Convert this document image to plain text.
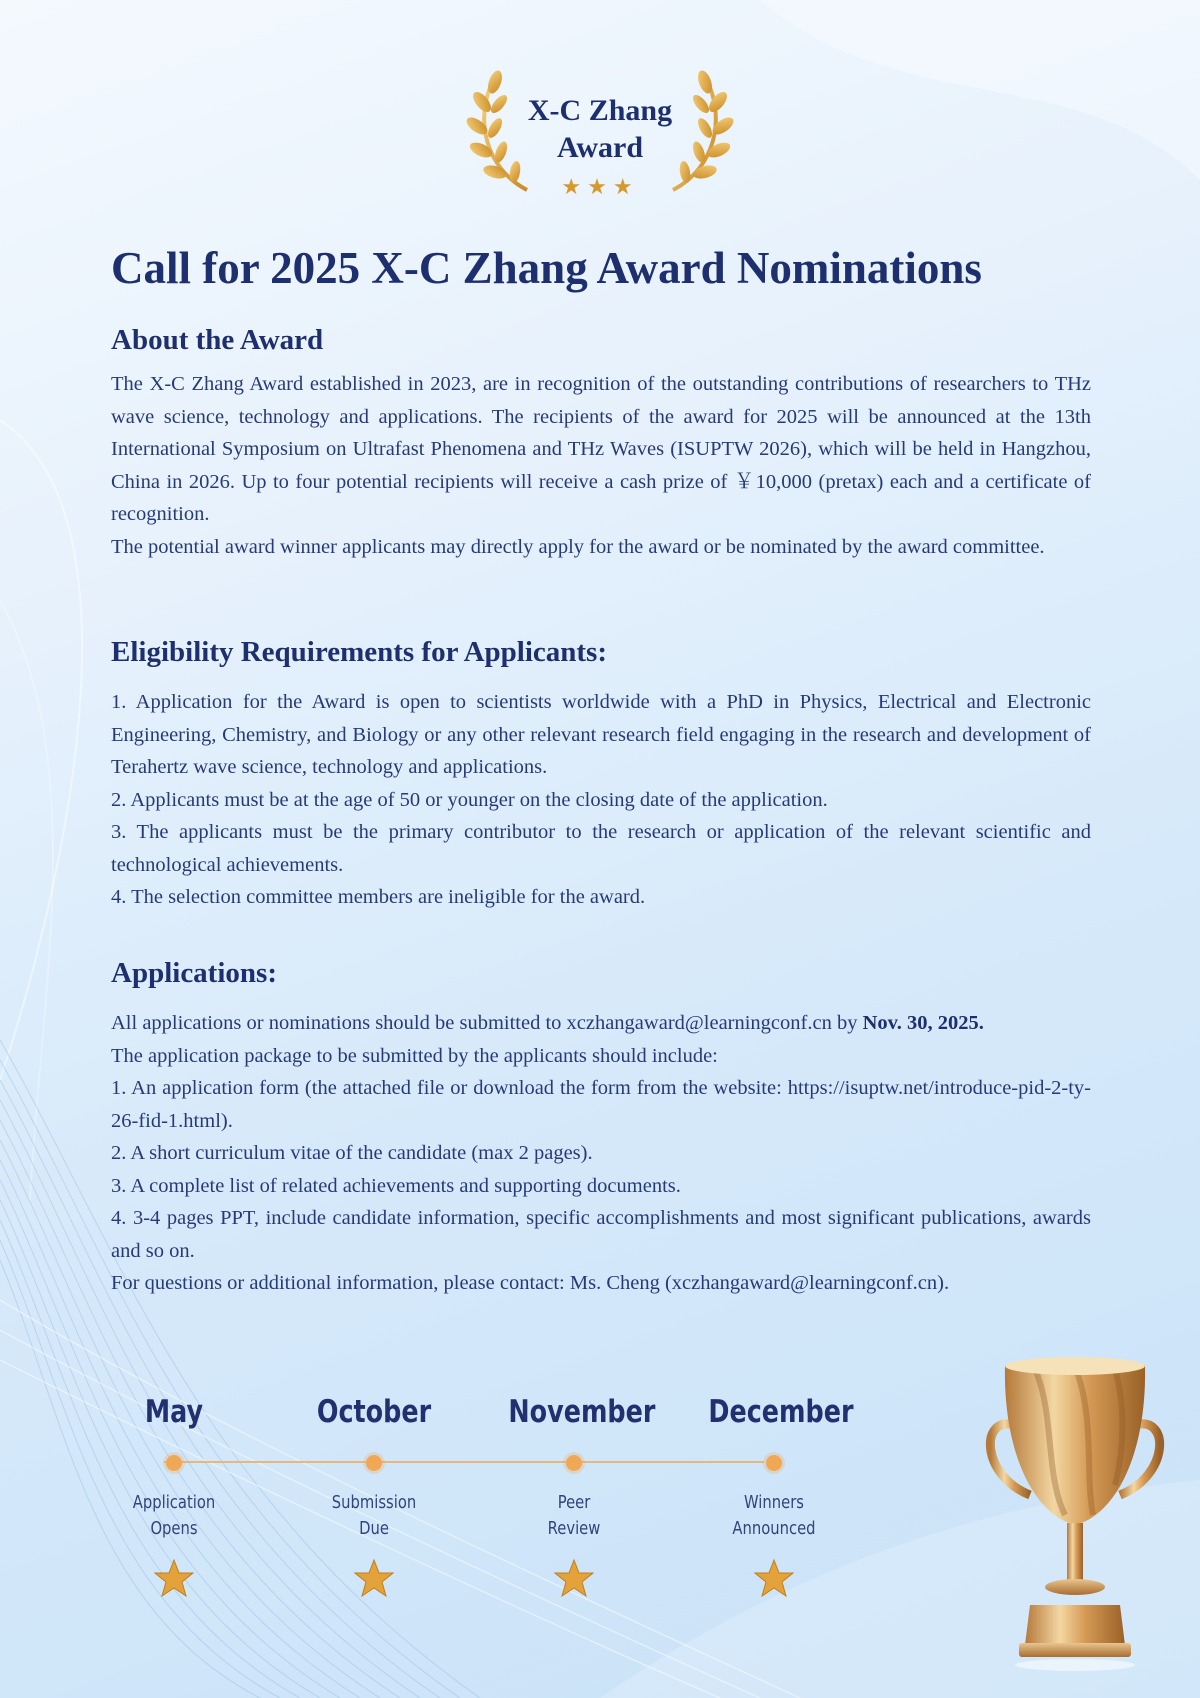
X-C Zhang
Award
★★★
Call for 2025 X-C Zhang Award Nominations
About the Award

The X-C Zhang Award established in 2023, are in recognition of the outstanding contributions of researchers to THz wave science, technology and applications. The recipients of the award for 2025 will be announced at the 13th International Symposium on Ultrafast Phenomena and THz Waves (ISUPTW 2026), which will be held in Hangzhou, China in 2026. Up to four potential recipients will receive a cash prize of ￥10,000 (pretax) each and a certificate of recognition.

The potential award winner applicants may directly apply for the award or be nominated by the award committee.

Eligibility Requirements for Applicants:

1. Application for the Award is open to scientists worldwide with a PhD in Physics, Electrical and Electronic Engineering, Chemistry, and Biology or any other relevant research field engaging in the research and development of Terahertz wave science, technology and applications.

2. Applicants must be at the age of 50 or younger on the closing date of the application.

3. The applicants must be the primary contributor to the research or application of the relevant scientific and technological achievements.

4. The selection committee members are ineligible for the award.

Applications:

All applications or nominations should be submitted to xczhangaward@learningconf.cn by Nov. 30, 2025.

The application package to be submitted by the applicants should include:

1. An application form (the attached file or download the form from the website: https://isuptw.net/introduce-pid-2-ty-26-fid-1.html).

2. A short curriculum vitae of the candidate (max 2 pages).

3. A complete list of related achievements and supporting documents.

4. 3-4 pages PPT, include candidate information, specific accomplishments and most significant publications, awards and so on.

For questions or additional information, please contact: Ms. Cheng (xczhangaward@learningconf.cn).

May
Application
Opens
October
Submission
Due
November
Peer
Review
December
Winners
Announced
